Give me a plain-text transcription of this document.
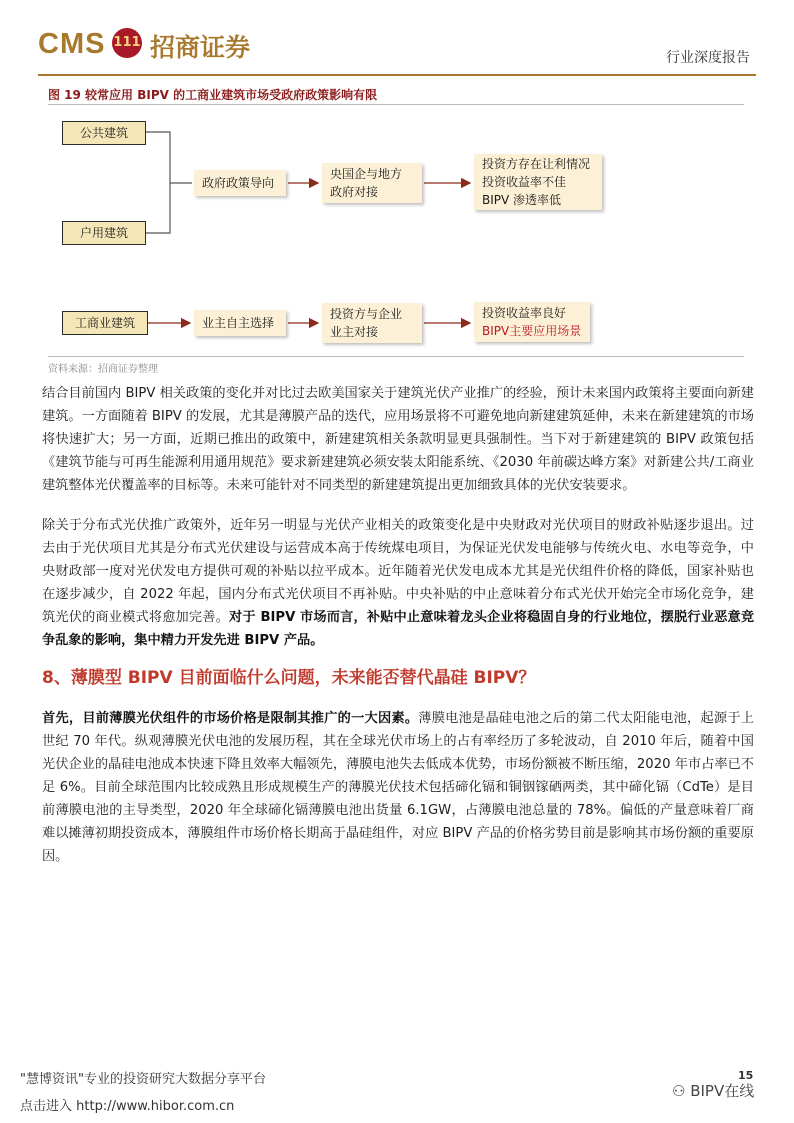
CMS 111 招商证券	行业深度报告
图 19 较常应用 BIPV 的工商业建筑市场受政府政策影响有限
公共建筑
户用建筑
政府政策导向
央国企与地方
政府对接
投资方存在让利情况
投资收益率不佳
BIPV 渗透率低
工商业建筑	业主自主选择
投资方与企业
业主对接
投资收益率良好
BIPV主要应用场景
资料来源：招商证券整理
结合目前国内 BIPV 相关政策的变化并对比过去欧美国家关于建筑光伏产业推广的经验，预计未来国内政策将主要面向新建建筑。一方面随着 BIPV 的发展，尤其是薄膜产品的迭代，应用场景将不可避免地向新建建筑延伸，未来在新建建筑的市场将快速扩大；另一方面，近期已推出的政策中，新建建筑相关条款明显更具强制性。当下对于新建建筑的 BIPV 政策包括《建筑节能与可再生能源利用通用规范》要求新建建筑必须安装太阳能系统、《2030 年前碳达峰方案》对新建公共/工商业建筑整体光伏覆盖率的目标等。未来可能针对不同类型的新建建筑提出更加细致具体的光伏安装要求。
除关于分布式光伏推广政策外，近年另一明显与光伏产业相关的政策变化是中央财政对光伏项目的财政补贴逐步退出。过去由于光伏项目尤其是分布式光伏建设与运营成本高于传统煤电项目，为保证光伏发电能够与传统火电、水电等竞争，中央财政部一度对光伏发电方提供可观的补贴以拉平成本。近年随着光伏发电成本尤其是光伏组件价格的降低，国家补贴也在逐步减少，自 2022 年起，国内分布式光伏项目不再补贴。中央补贴的中止意味着分布式光伏开始完全市场化竞争，建筑光伏的商业模式将愈加完善。对于 BIPV 市场而言，补贴中止意味着龙头企业将稳固自身的行业地位，摆脱行业恶意竞争乱象的影响，集中精力开发先进 BIPV 产品。
8、薄膜型 BIPV 目前面临什么问题，未来能否替代晶硅 BIPV？
首先，目前薄膜光伏组件的市场价格是限制其推广的一大因素。薄膜电池是晶硅电池之后的第二代太阳能电池，起源于上世纪 70 年代。纵观薄膜光伏电池的发展历程，其在全球光伏市场上的占有率经历了多轮波动，自 2010 年后，随着中国光伏企业的晶硅电池成本快速下降且效率大幅领先，薄膜电池失去低成本优势，市场份额被不断压缩，2020 年市占率已不足 6%。目前全球范围内比较成熟且形成规模生产的薄膜光伏技术包括碲化镉和铜铟镓硒两类，其中碲化镉（CdTe）是目前薄膜电池的主导类型，2020 年全球碲化镉薄膜电池出货量 6.1GW，占薄膜电池总量的 78%。偏低的产量意味着厂商难以摊薄初期投资成本，薄膜组件市场价格长期高于晶硅组件，对应 BIPV 产品的价格劣势目前是影响其市场份额的重要原因。
"慧博资讯"专业的投资研究大数据分享平台
点击进入 http://www.hibor.com.cn
15
⚇ BIPV在线
